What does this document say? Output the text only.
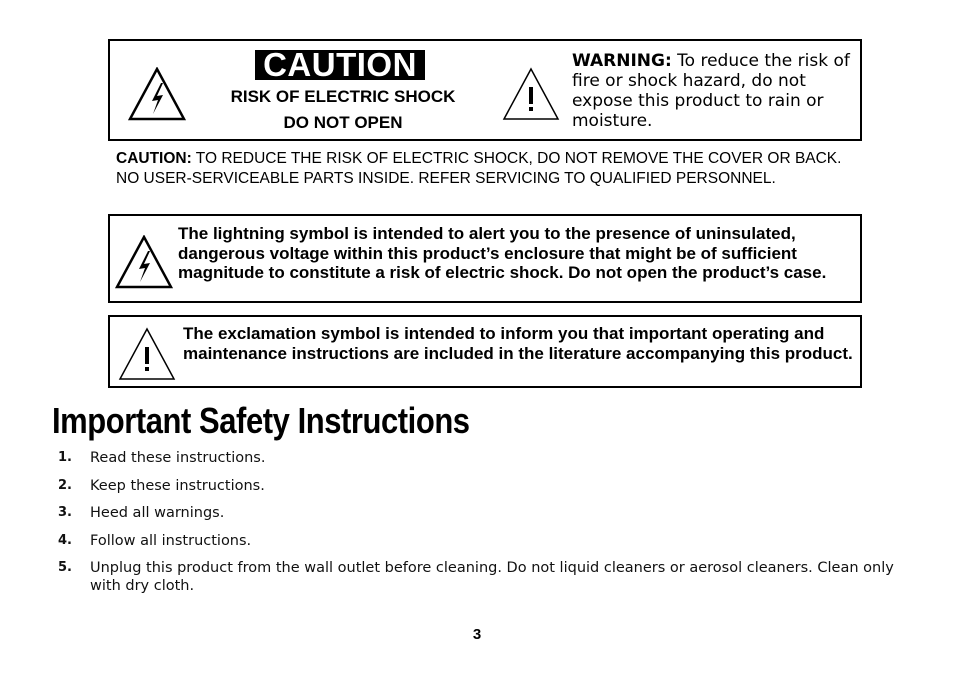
CAUTION
RISK OF ELECTRIC SHOCK
DO NOT OPEN
WARNING: To reduce the risk of fire or shock hazard, do not expose this product to rain or moisture.
CAUTION: TO REDUCE THE RISK OF ELECTRIC SHOCK, DO NOT REMOVE THE COVER OR BACK. NO USER-SERVICEABLE PARTS INSIDE. REFER SERVICING TO QUALIFIED PERSONNEL.
The lightning symbol is intended to alert you to the presence of uninsulated, dangerous voltage within this product’s enclosure that might be of sufficient magnitude to constitute a risk of electric shock. Do not open the product’s case.
The exclamation symbol is intended to inform you that important operating and maintenance instructions are included in the literature accompanying this product.
Important Safety Instructions
1. Read these instructions.
2. Keep these instructions.
3. Heed all warnings.
4. Follow all instructions.
5. Unplug this product from the wall outlet before cleaning. Do not liquid cleaners or aerosol cleaners. Clean only with dry cloth.
3
